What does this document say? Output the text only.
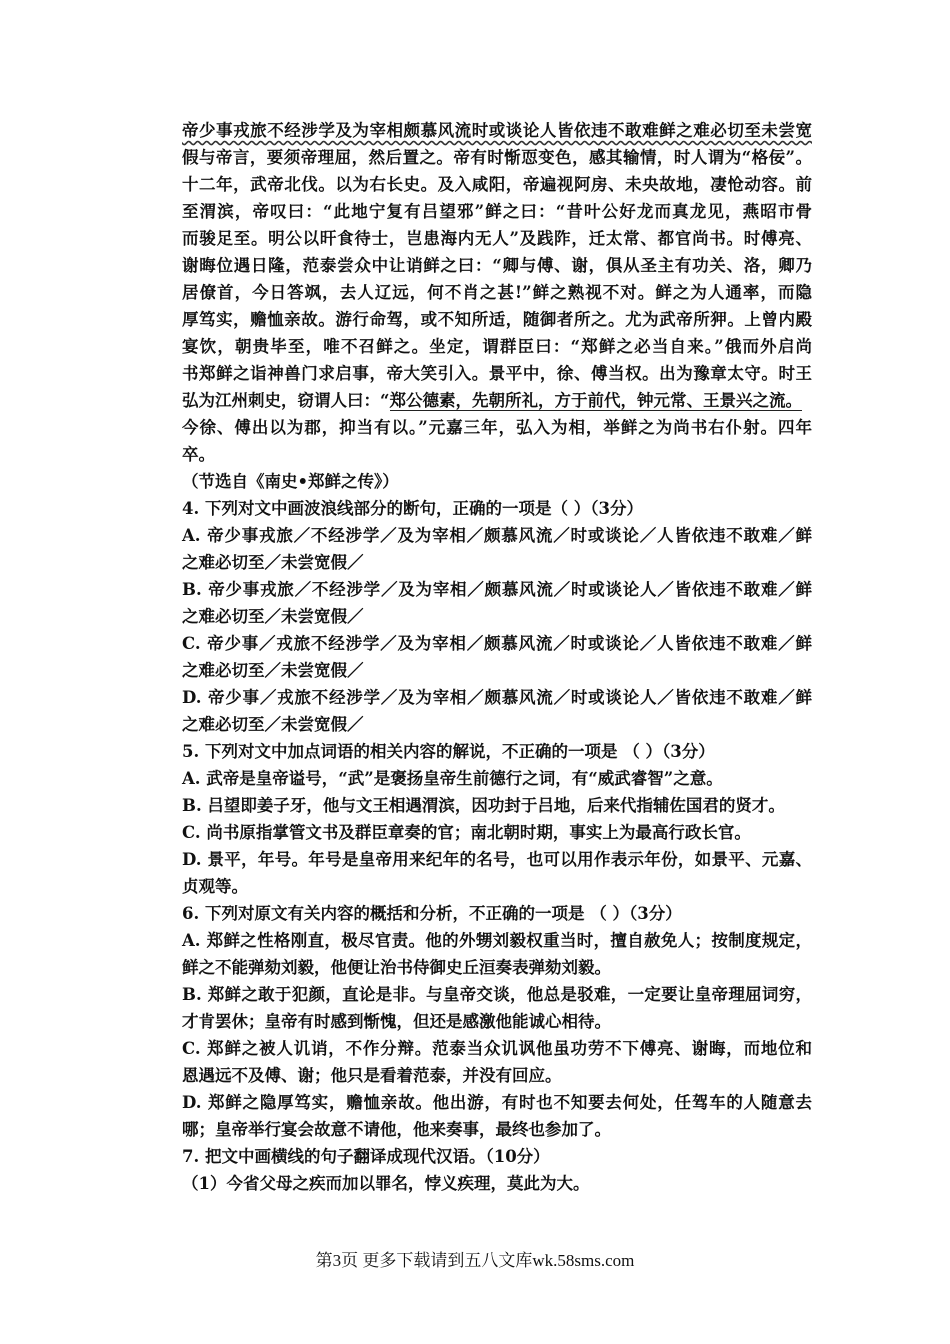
帝少事戎旅不经涉学及为宰相颇慕风流时或谈论人皆依违不敢难鲜之难必切至未尝宽
假与帝言，要须帝理屈，然后置之。帝有时惭恧变色，感其输情，时人谓为“格佞”。
十二年，武帝北伐。以为右长史。及入咸阳，帝遍视阿房、未央故地，凄怆动容。前
至渭滨，帝叹曰：“此地宁复有吕望邪”鲜之曰：“昔叶公好龙而真龙见，燕昭市骨
而骏足至。明公以旰食待士，岂患海内无人”及践阼，迁太常、都官尚书。时傅亮、
谢晦位遇日隆，范泰尝众中让诮鲜之曰：“卿与傅、谢，俱从圣主有功关、洛，卿乃
居僚首，今日答飒，去人辽远，何不肖之甚!”鲜之熟视不对。鲜之为人通率，而隐
厚笃实，赡恤亲故。游行命驾，或不知所适，随御者所之。尤为武帝所狎。上曾内殿
宴饮，朝贵毕至，唯不召鲜之。坐定，谓群臣曰：“郑鲜之必当自来。”俄而外启尚
书郑鲜之诣神兽门求启事，帝大笑引入。景平中，徐、傅当权。出为豫章太守。时王
弘为江州刺史，窃谓人曰：“郑公德素，先朝所礼，方于前代，钟元常、王景兴之流。
今徐、傅出以为郡，抑当有以。”元嘉三年，弘入为相，举鲜之为尚书右仆射。四年
卒。
（节选自《南史•郑鲜之传》）
4. 下列对文中画波浪线部分的断句，正确的一项是（ ）（3分）
A. 帝少事戎旅／不经涉学／及为宰相／颇慕风流／时或谈论／人皆依违不敢难／鲜
之难必切至／未尝宽假／
B. 帝少事戎旅／不经涉学／及为宰相／颇慕风流／时或谈论人／皆依违不敢难／鲜
之难必切至／未尝宽假／
C. 帝少事／戎旅不经涉学／及为宰相／颇慕风流／时或谈论／人皆依违不敢难／鲜
之难必切至／未尝宽假／
D. 帝少事／戎旅不经涉学／及为宰相／颇慕风流／时或谈论人／皆依违不敢难／鲜
之难必切至／未尝宽假／
5. 下列对文中加点词语的相关内容的解说，不正确的一项是 （ ）（3分）
A. 武帝是皇帝谥号，“武”是褒扬皇帝生前德行之词，有“威武睿智”之意。
B. 吕望即姜子牙，他与文王相遇渭滨，因功封于吕地，后来代指辅佐国君的贤才。
C. 尚书原指掌管文书及群臣章奏的官；南北朝时期，事实上为最高行政长官。
D. 景平，年号。年号是皇帝用来纪年的名号，也可以用作表示年份，如景平、元嘉、
贞观等。
6. 下列对原文有关内容的概括和分析，不正确的一项是 （ ）（3分）
A. 郑鲜之性格刚直，极尽官责。他的外甥刘毅权重当时，擅自赦免人；按制度规定，
鲜之不能弹劾刘毅，他便让治书侍御史丘洹奏表弹劾刘毅。
B. 郑鲜之敢于犯颜，直论是非。与皇帝交谈，他总是驳难，一定要让皇帝理屈词穷，
才肯罢休；皇帝有时感到惭愧，但还是感激他能诚心相待。
C. 郑鲜之被人讥诮，不作分辩。范泰当众讥讽他虽功劳不下傅亮、谢晦，而地位和
恩遇远不及傅、谢；他只是看着范泰，并没有回应。
D. 郑鲜之隐厚笃实，赡恤亲故。他出游，有时也不知要去何处，任驾车的人随意去
哪；皇帝举行宴会故意不请他，他来奏事，最终也参加了。
7. 把文中画横线的句子翻译成现代汉语。（10分）
（1）今省父母之疾而加以罪名，悖义疾理，莫此为大。
第3页 更多下载请到五八文库wk.58sms.com
